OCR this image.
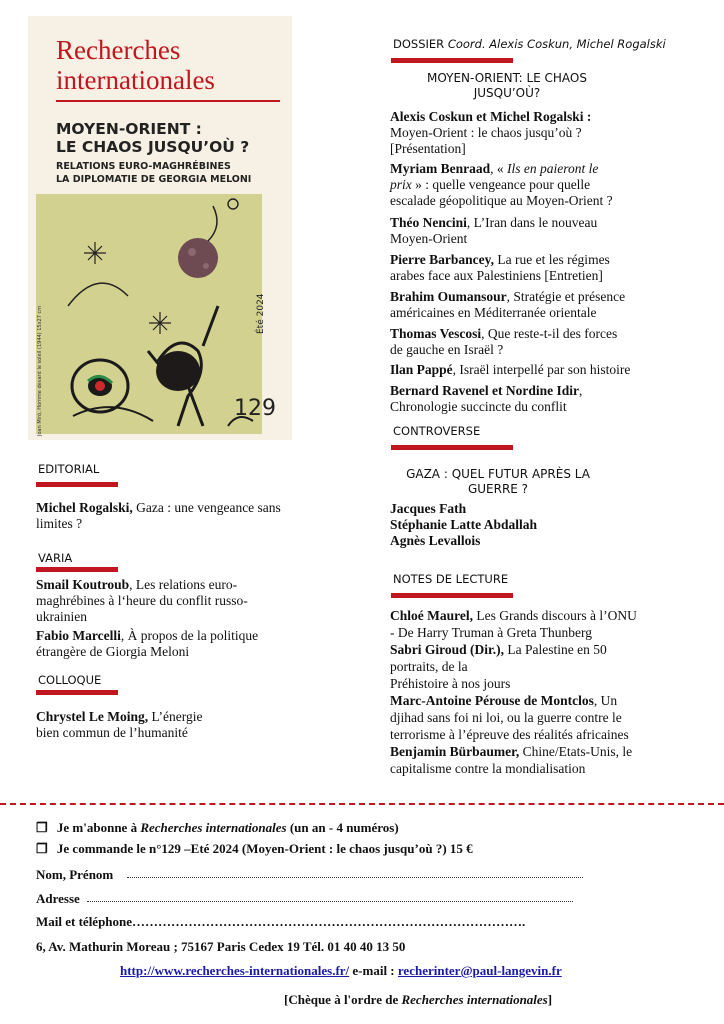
Recherches
internationales
MOYEN-ORIENT :
LE CHAOS JUSQU’OÙ ?
RELATIONS EURO-MAGHRÉBINES
LA DIPLOMATIE DE GEORGIA MELONI
129
Été 2024
Joan Miró, Homme devant le soleil (1944) 15x27 cm
DOSSIER Coord. Alexis Coskun, Michel Rogalski
MOYEN-ORIENT: LE CHAOS
JUSQU’OÙ?
Alexis Coskun et Michel Rogalski :
Moyen-Orient : le chaos jusqu’où ?
[Présentation]
Myriam Benraad, « Ils en paieront le
prix » : quelle vengeance pour quelle
escalade géopolitique au Moyen-Orient ?
Théo Nencini, L’Iran dans le nouveau
Moyen-Orient
Pierre Barbancey, La rue et les régimes
arabes face aux Palestiniens [Entretien]
Brahim Oumansour, Stratégie et présence
américaines en Méditerranée orientale
Thomas Vescosi, Que reste-t-il des forces
de gauche en Israël ?
Ilan Pappé, Israël interpellé par son histoire
Bernard Ravenel et Nordine Idir,
Chronologie succincte du conflit
CONTROVERSE
GAZA : QUEL FUTUR APRÈS LA
GUERRE ?
Jacques Fath
Stéphanie Latte Abdallah
Agnès Levallois
NOTES DE LECTURE
Chloé Maurel, Les Grands discours à l’ONU
- De Harry Truman à Greta Thunberg
Sabri Giroud (Dir.), La Palestine en 50
portraits, de la
Préhistoire à nos jours
Marc-Antoine Pérouse de Montclos, Un
djihad sans foi ni loi, ou la guerre contre le
terrorisme à l’épreuve des réalités africaines
Benjamin Bürbaumer, Chine/Etats-Unis, le
capitalisme contre la mondialisation
EDITORIAL
Michel Rogalski, Gaza : une vengeance sans
limites ?
VARIA
Smail Koutroub, Les relations euro-
maghrébines à l‘heure du conflit russo-
ukrainien
Fabio Marcelli, À propos de la politique
étrangère de Giorgia Meloni
COLLOQUE
Chrystel Le Moing, L’énergie
bien commun de l’humanité
❐ Je m'abonne à Recherches internationales (un an - 4 numéros)
❐ Je commande le n°129 –Eté 2024 (Moyen-Orient : le chaos jusqu’où ?) 15 €
Nom, Prénom
Adresse
Mail et téléphone……………………………………………………………………………….
6, Av. Mathurin Moreau ; 75167 Paris Cedex 19 Tél. 01 40 40 13 50
http://www.recherches-internationales.fr/ e-mail : recherinter@paul-langevin.fr
[Chèque à l'ordre de Recherches internationales]
